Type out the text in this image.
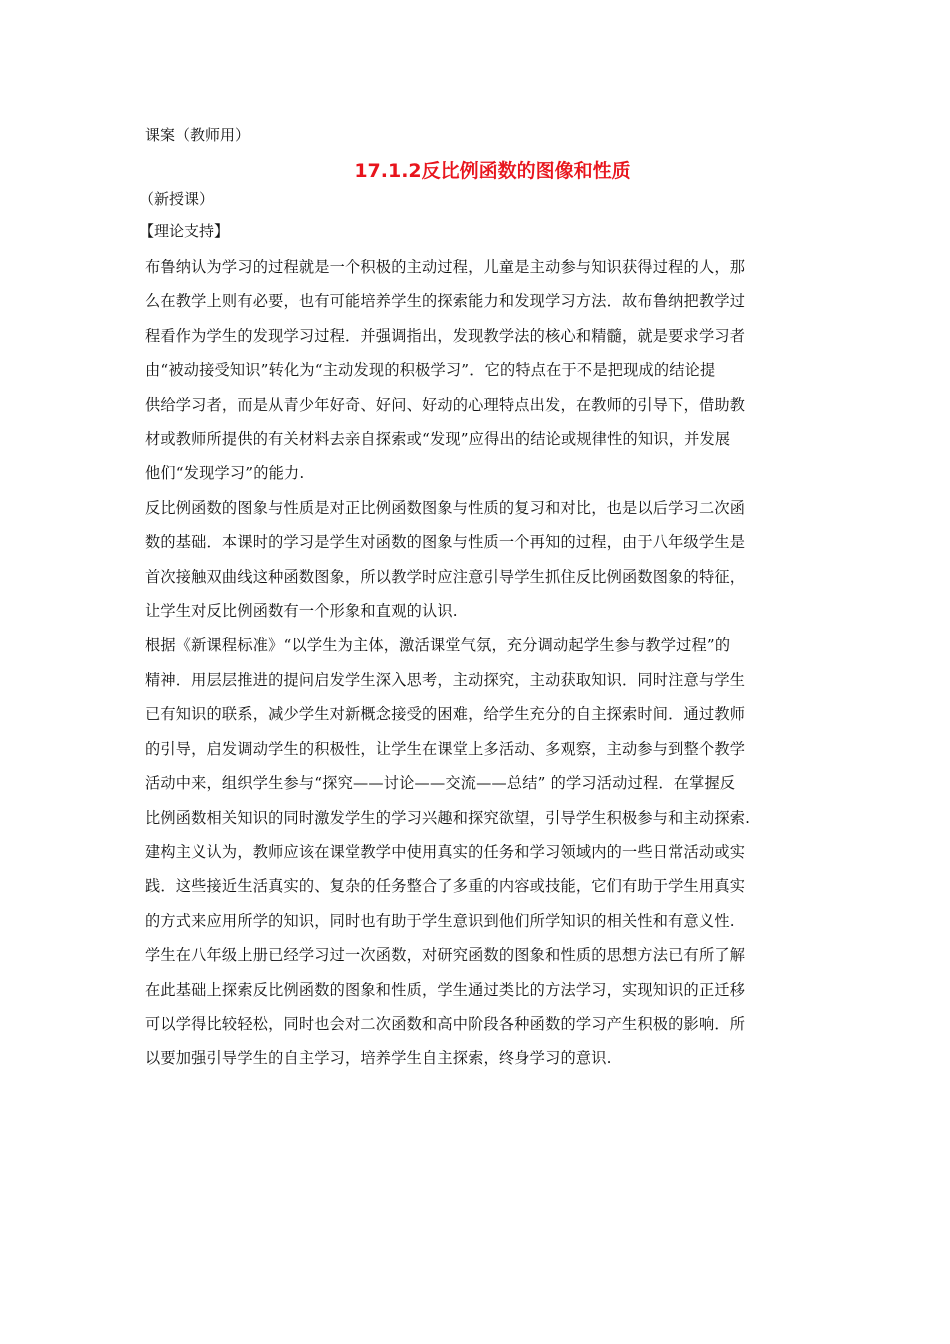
课案（教师用）
17.1.2反比例函数的图像和性质
（新授课）
【理论支持】

布鲁纳认为学习的过程就是一个积极的主动过程，儿童是主动参与知识获得过程的人，那

么在教学上则有必要，也有可能培养学生的探索能力和发现学习方法．故布鲁纳把教学过

程看作为学生的发现学习过程．并强调指出，发现教学法的核心和精髓，就是要求学习者

由“被动接受知识”转化为“主动发现的积极学习”．它的特点在于不是把现成的结论提

供给学习者，而是从青少年好奇、好问、好动的心理特点出发，在教师的引导下，借助教

材或教师所提供的有关材料去亲自探索或“发现”应得出的结论或规律性的知识，并发展

他们“发现学习”的能力.

反比例函数的图象与性质是对正比例函数图象与性质的复习和对比，也是以后学习二次函

数的基础．本课时的学习是学生对函数的图象与性质一个再知的过程，由于八年级学生是

首次接触双曲线这种函数图象，所以教学时应注意引导学生抓住反比例函数图象的特征，

让学生对反比例函数有一个形象和直观的认识.

根据《新课程标准》“以学生为主体，激活课堂气氛，充分调动起学生参与教学过程”的

精神．用层层推进的提问启发学生深入思考，主动探究，主动获取知识．同时注意与学生

已有知识的联系，减少学生对新概念接受的困难，给学生充分的自主探索时间．通过教师

的引导，启发调动学生的积极性，让学生在课堂上多活动、多观察，主动参与到整个教学

活动中来，组织学生参与“探究——讨论——交流——总结” 的学习活动过程．在掌握反

比例函数相关知识的同时激发学生的学习兴趣和探究欲望，引导学生积极参与和主动探索.

建构主义认为，教师应该在课堂教学中使用真实的任务和学习领域内的一些日常活动或实

践．这些接近生活真实的、复杂的任务整合了多重的内容或技能，它们有助于学生用真实

的方式来应用所学的知识，同时也有助于学生意识到他们所学知识的相关性和有意义性.

学生在八年级上册已经学习过一次函数，对研究函数的图象和性质的思想方法已有所了解

在此基础上探索反比例函数的图象和性质，学生通过类比的方法学习，实现知识的正迁移

可以学得比较轻松，同时也会对二次函数和高中阶段各种函数的学习产生积极的影响．所

以要加强引导学生的自主学习，培养学生自主探索，终身学习的意识.
